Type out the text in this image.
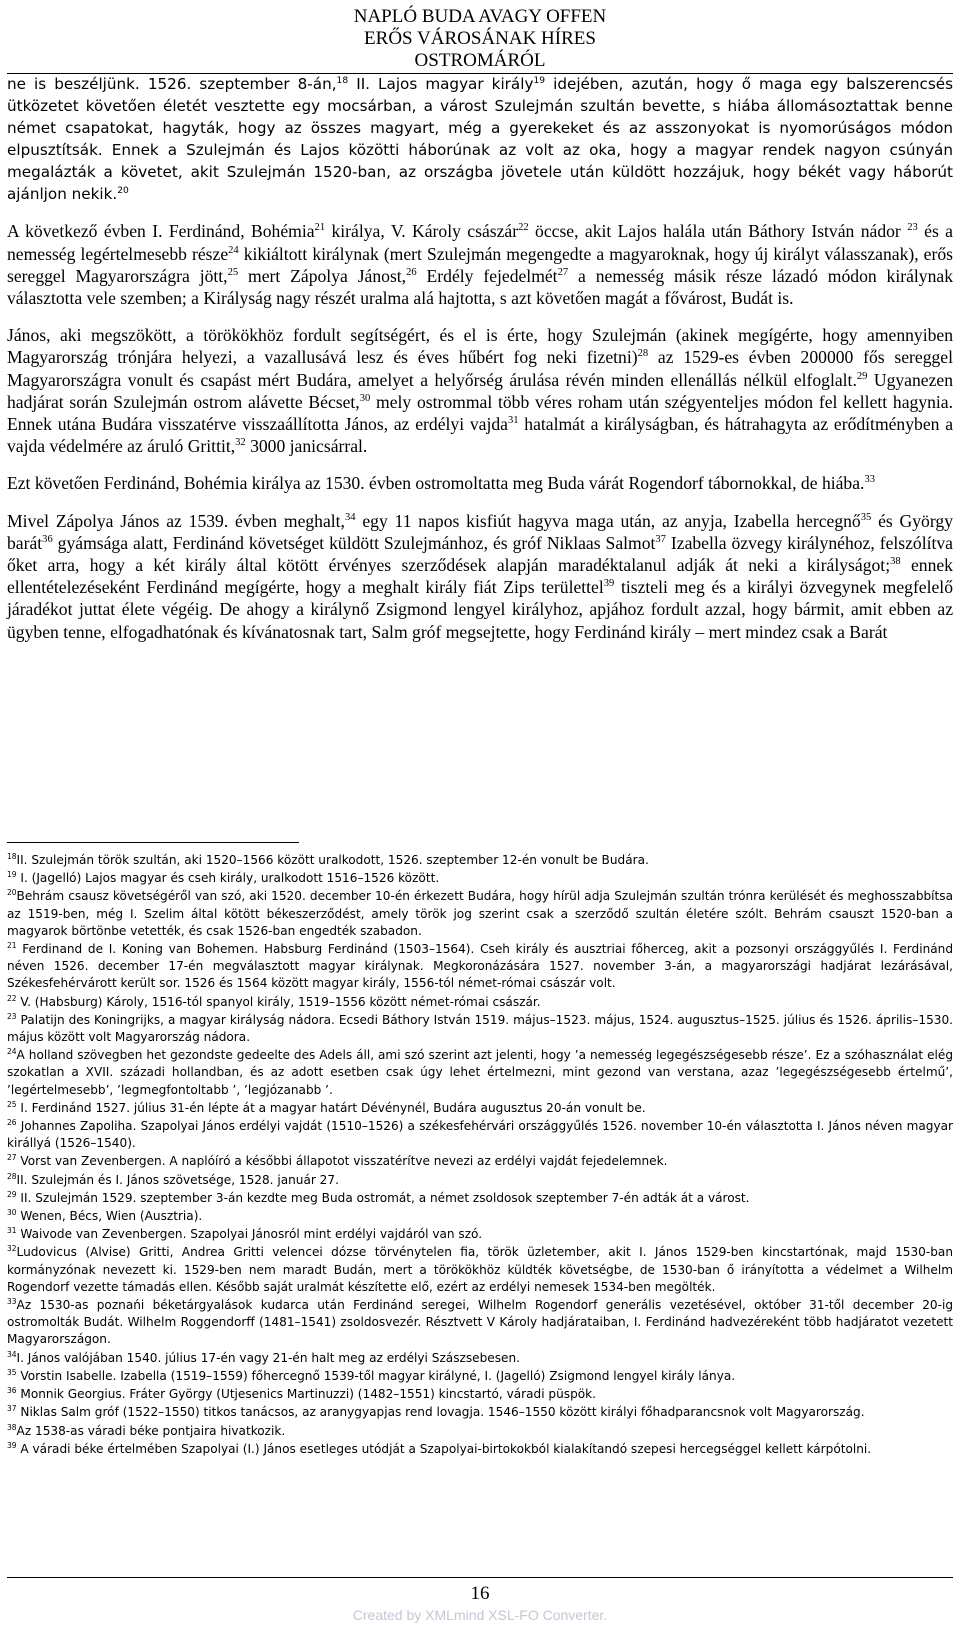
NAPLÓ BUDA AVAGY OFFEN
ERŐS VÁROSÁNAK HÍRES
OSTROMÁRÓL

ne is beszéljünk. 1526. szeptember 8-án,$^{18}$ II. Lajos magyar király$^{19}$ idejében, azután, hogy ő maga egy balszerencsés ütközetet követően életét vesztette egy mocsárban, a várost Szulejmán szultán bevette, s hiába állomásoztattak benne német csapatokat, hagyták, hogy az összes magyart, még a gyerekeket és az asszonyokat is nyomorúságos módon elpusztítsák. Ennek a Szulejmán és Lajos közötti háborúnak az volt az oka, hogy a magyar rendek nagyon csúnyán megalázták a követet, akit Szulejmán 1520-ban, az országba jövetele után küldött hozzájuk, hogy békét vagy háborút ajánljon nekik.$^{20}$

A következő évben I. Ferdinánd, Bohémia$^{21}$ királya, V. Károly császár$^{22}$ öccse, akit Lajos halála után Báthory István nádor $^{23}$ és a nemesség legértelmesebb része$^{24}$ kikiáltott királynak (mert Szulejmán megengedte a magyaroknak, hogy új királyt válasszanak), erős sereggel Magyarországra jött,$^{25}$ mert Zápolya Jánost,$^{26}$ Erdély fejedelmét$^{27}$ a nemesség másik része lázadó módon királynak választotta vele szemben; a Királyság nagy részét uralma alá hajtotta, s azt követően magát a fővárost, Budát is.

János, aki megszökött, a törökökhöz fordult segítségért, és el is érte, hogy Szulejmán (akinek megígérte, hogy amennyiben Magyarország trónjára helyezi, a vazallusává lesz és éves hűbért fog neki fizetni)$^{28}$ az 1529-es évben 200000 fős sereggel Magyarországra vonult és csapást mért Budára, amelyet a helyőrség árulása révén minden ellenállás nélkül elfoglalt.$^{29}$ Ugyanezen hadjárat során Szulejmán ostrom alávette Bécset,$^{30}$ mely ostrommal több véres roham után szégyenteljes módon fel kellett hagynia. Ennek utána Budára visszatérve visszaállította János, az erdélyi vajda$^{31}$ hatalmát a királyságban, és hátrahagyta az erődítményben a vajda védelmére az áruló Grittit,$^{32}$ 3000 janicsárral.

Ezt követően Ferdinánd, Bohémia királya az 1530. évben ostromoltatta meg Buda várát Rogendorf tábornokkal, de hiába.$^{33}$

Mivel Zápolya János az 1539. évben meghalt,$^{34}$ egy 11 napos kisfiút hagyva maga után, az anyja, Izabella hercegnő$^{35}$ és György barát$^{36}$ gyámsága alatt, Ferdinánd követséget küldött Szulejmánhoz, és gróf Niklaas Salmot$^{37}$ Izabella özvegy királynéhoz, felszólítva őket arra, hogy a két király által kötött érvényes szerződések alapján maradéktalanul adják át neki a királyságot;$^{38}$ ennek ellentételezéseként Ferdinánd megígérte, hogy a meghalt király fiát Zips területtel$^{39}$ tiszteli meg és a királyi özvegynek megfelelő járadékot juttat élete végéig. De ahogy a királynő Zsigmond lengyel királyhoz, apjához fordult azzal, hogy bármit, amit ebben az ügyben tenne, elfogadhatónak és kívánatosnak tart, Salm gróf megsejtette, hogy Ferdinánd király – mert mindez csak a Barát

$^{18}$II. Szulejmán török szultán, aki 1520–1566 között uralkodott, 1526. szeptember 12-én vonult be Budára.
$^{19}$ I. (Jagelló) Lajos magyar és cseh király, uralkodott 1516–1526 között.
$^{20}$Behrám csausz követségéről van szó, aki 1520. december 10-én érkezett Budára, hogy hírül adja Szulejmán szultán trónra kerülését és meghosszabbítsa az 1519-ben, még I. Szelim által kötött békeszerződést, amely török jog szerint csak a szerződő szultán életére szólt. Behrám csauszt 1520-ban a magyarok börtönbe vetették, és csak 1526-ban engedték szabadon.
$^{21}$ Ferdinand de I. Koning van Bohemen. Habsburg Ferdinánd (1503–1564). Cseh király és ausztriai főherceg, akit a pozsonyi országgyűlés I. Ferdinánd néven 1526. december 17-én megválasztott magyar királynak. Megkoronázására 1527. november 3-án, a magyarországi hadjárat lezárásával, Székesfehérvárott került sor. 1526 és 1564 között magyar király, 1556-tól német-római császár volt.
$^{22}$ V. (Habsburg) Károly, 1516-tól spanyol király, 1519–1556 között német-római császár.
$^{23}$ Palatijn des Koningrijks, a magyar királyság nádora. Ecsedi Báthory István 1519. május–1523. május, 1524. augusztus–1525. július és 1526. április–1530. május között volt Magyarország nádora.
$^{24}$A holland szövegben het gezondste gedeelte des Adels áll, ami szó szerint azt jelenti, hogy ’a nemesség legegészségesebb része’. Ez a szóhasználat elég szokatlan a XVII. századi hollandban, és az adott esetben csak úgy lehet értelmezni, mint gezond van verstana, azaz ’legegészségesebb értelmű’, ’legértelmesebb’, ’legmegfontoltabb ’, ’legjózanabb ’.
$^{25}$ I. Ferdinánd 1527. július 31-én lépte át a magyar határt Dévénynél, Budára augusztus 20-án vonult be.
$^{26}$ Johannes Zapoliha. Szapolyai János erdélyi vajdát (1510–1526) a székesfehérvári országgyűlés 1526. november 10-én választotta I. János néven magyar királlyá (1526–1540).
$^{27}$ Vorst van Zevenbergen. A naplóíró a későbbi állapotot visszatérítve nevezi az erdélyi vajdát fejedelemnek.
$^{28}$II. Szulejmán és I. János szövetsége, 1528. január 27.
$^{29}$ II. Szulejmán 1529. szeptember 3-án kezdte meg Buda ostromát, a német zsoldosok szeptember 7-én adták át a várost.
$^{30}$ Wenen, Bécs, Wien (Ausztria).
$^{31}$ Waivode van Zevenbergen. Szapolyai Jánosról mint erdélyi vajdáról van szó.
$^{32}$Ludovicus (Alvise) Gritti, Andrea Gritti velencei dózse törvénytelen fia, török üzletember, akit I. János 1529-ben kincstartónak, majd 1530-ban kormányzónak nevezett ki. 1529-ben nem maradt Budán, mert a törökökhöz küldték követségbe, de 1530-ban ő irányította a védelmet a Wilhelm Rogendorf vezette támadás ellen. Később saját uralmát készítette elő, ezért az erdélyi nemesek 1534-ben megölték.
$^{33}$Az 1530-as poznańi béketárgyalások kudarca után Ferdinánd seregei, Wilhelm Rogendorf generális vezetésével, október 31-től december 20-ig ostromolták Budát. Wilhelm Roggendorff (1481–1541) zsoldosvezér. Résztvett V Károly hadjárataiban, I. Ferdinánd hadvezéreként több hadjáratot vezetett Magyarországon.
$^{34}$I. János valójában 1540. július 17-én vagy 21-én halt meg az erdélyi Szászsebesen.
$^{35}$ Vorstin Isabelle. Izabella (1519–1559) főhercegnő 1539-től magyar királyné, I. (Jagelló) Zsigmond lengyel király lánya.
$^{36}$ Monnik Georgius. Fráter György (Utjesenics Martinuzzi) (1482–1551) kincstartó, váradi püspök.
$^{37}$ Niklas Salm gróf (1522–1550) titkos tanácsos, az aranygyapjas rend lovagja. 1546–1550 között királyi főhadparancsnok volt Magyarország.
$^{38}$Az 1538-as váradi béke pontjaira hivatkozik.
$^{39}$ A váradi béke értelmében Szapolyai (I.) János esetleges utódját a Szapolyai-birtokokból kialakítandó szepesi hercegséggel kellett kárpótolni.
16
Created by XMLmind XSL-FO Converter.
